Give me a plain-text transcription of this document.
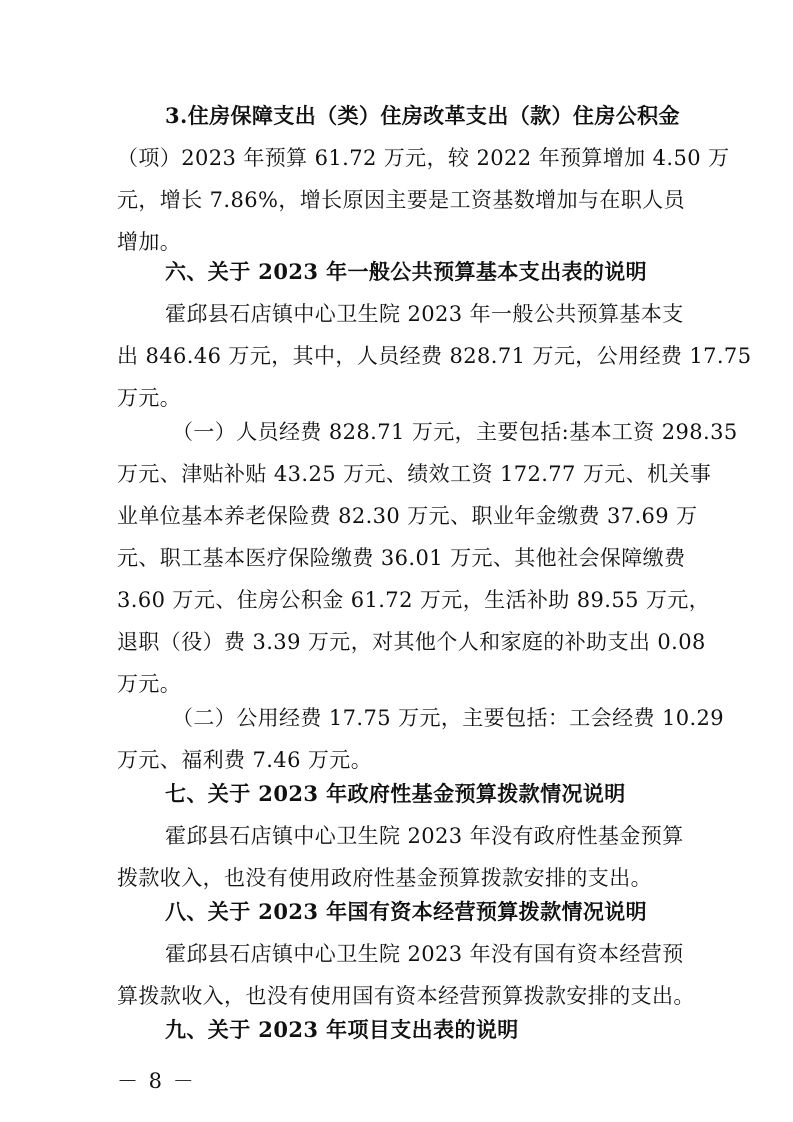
3.住房保障支出（类）住房改革支出（款）住房公积金
（项）2023 年预算 61.72 万元，较 2022 年预算增加 4.50 万
元，增长 7.86%，增长原因主要是工资基数增加与在职人员
增加。
六、关于 2023 年一般公共预算基本支出表的说明
霍邱县石店镇中心卫生院 2023 年一般公共预算基本支
出 846.46 万元，其中，人员经费 828.71 万元，公用经费 17.75
万元。
（一）人员经费 828.71 万元，主要包括:基本工资 298.35
万元、津贴补贴 43.25 万元、绩效工资 172.77 万元、机关事
业单位基本养老保险费 82.30 万元、职业年金缴费 37.69 万
元、职工基本医疗保险缴费 36.01 万元、其他社会保障缴费
3.60 万元、住房公积金 61.72 万元，生活补助 89.55 万元，
退职（役）费 3.39 万元，对其他个人和家庭的补助支出 0.08
万元。
（二）公用经费 17.75 万元，主要包括：工会经费 10.29
万元、福利费 7.46 万元。
七、关于 2023 年政府性基金预算拨款情况说明
霍邱县石店镇中心卫生院 2023 年没有政府性基金预算
拨款收入，也没有使用政府性基金预算拨款安排的支出。
八、关于 2023 年国有资本经营预算拨款情况说明
霍邱县石店镇中心卫生院 2023 年没有国有资本经营预
算拨款收入，也没有使用国有资本经营预算拨款安排的支出。
九、关于 2023 年项目支出表的说明
－ 8 －
